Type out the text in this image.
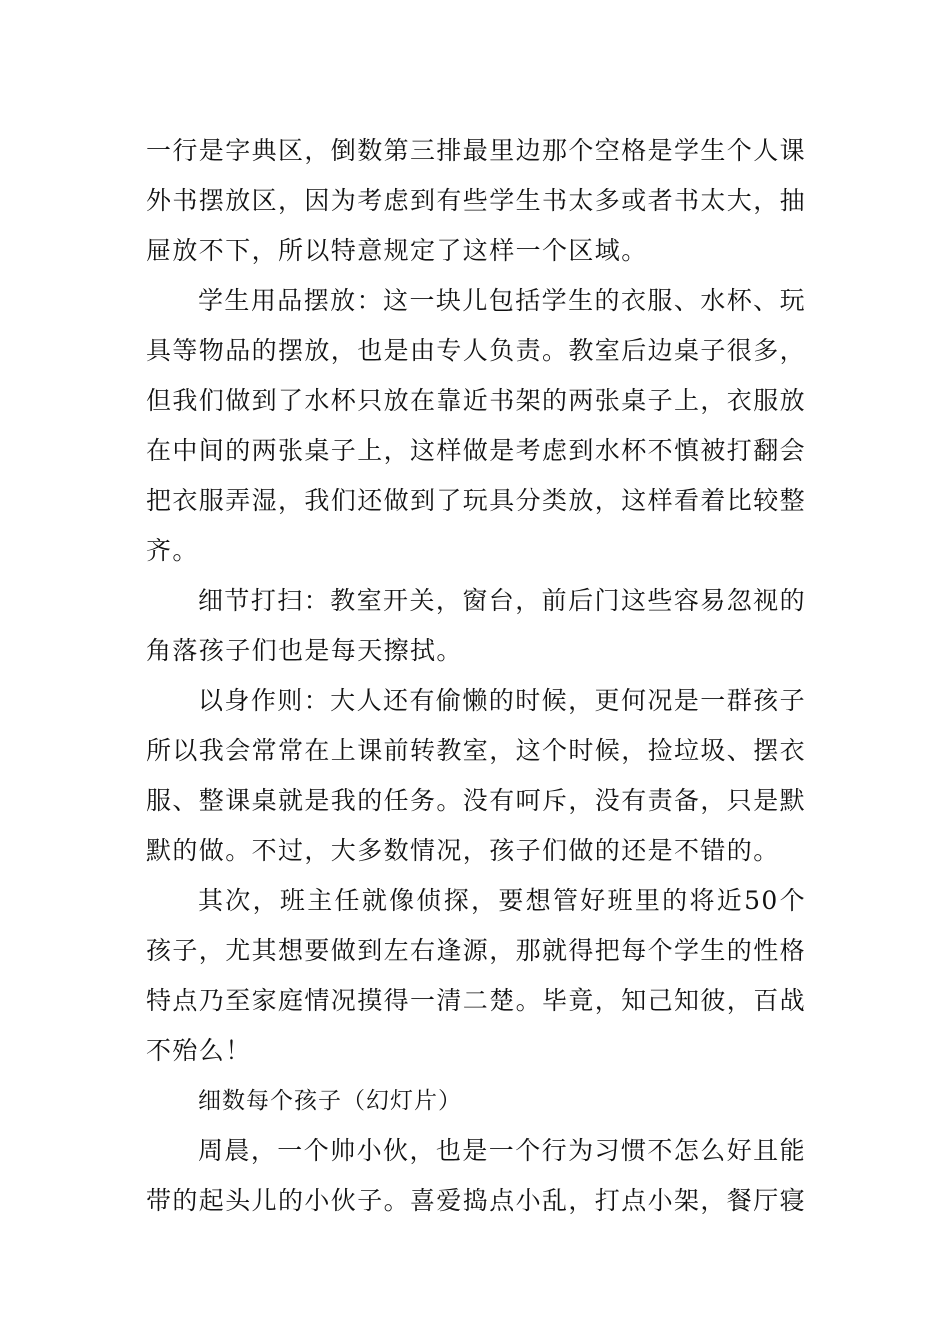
一行是字典区，倒数第三排最里边那个空格是学生个人课外书摆放区，因为考虑到有些学生书太多或者书太大，抽屉放不下，所以特意规定了这样一个区域。

学生用品摆放：这一块儿包括学生的衣服、水杯、玩具等物品的摆放，也是由专人负责。教室后边桌子很多，但我们做到了水杯只放在靠近书架的两张桌子上，衣服放在中间的两张桌子上，这样做是考虑到水杯不慎被打翻会把衣服弄湿，我们还做到了玩具分类放，这样看着比较整齐。

细节打扫：教室开关，窗台，前后门这些容易忽视的角落孩子们也是每天擦拭。

以身作则：大人还有偷懒的时候，更何况是一群孩子所以我会常常在上课前转教室，这个时候，捡垃圾、摆衣服、整课桌就是我的任务。没有呵斥，没有责备，只是默默的做。不过，大多数情况，孩子们做的还是不错的。

其次，班主任就像侦探，要想管好班里的将近50个孩子，尤其想要做到左右逢源，那就得把每个学生的性格特点乃至家庭情况摸得一清二楚。毕竟，知己知彼，百战不殆么！

细数每个孩子（幻灯片）

周晨，一个帅小伙，也是一个行为习惯不怎么好且能带的起头儿的小伙子。喜爱捣点小乱，打点小架，餐厅寝
